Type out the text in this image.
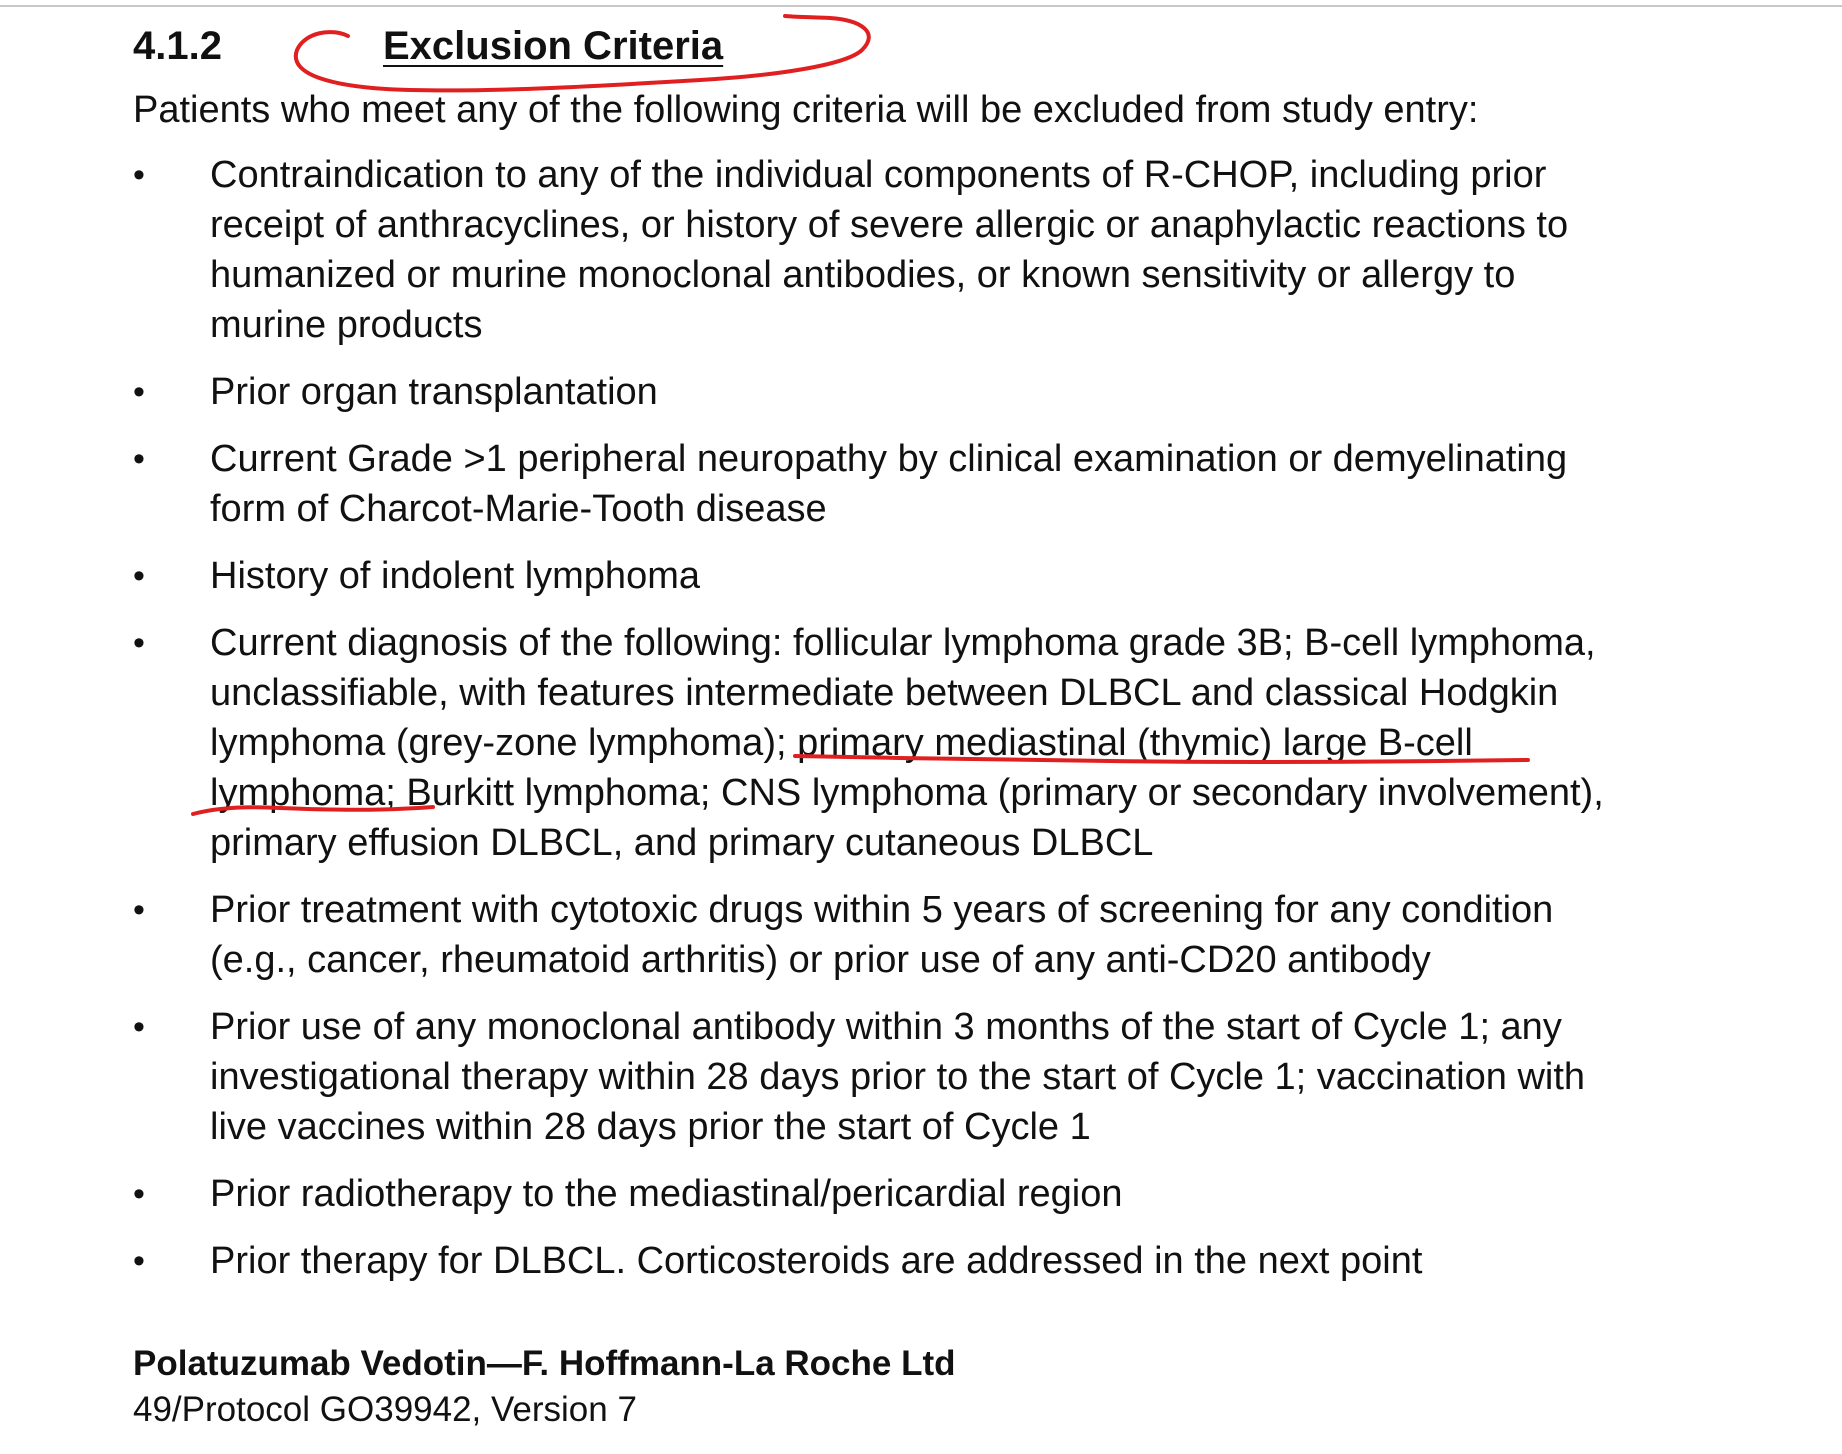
4.1.2	Exclusion Criteria
Patients who meet any of the following criteria will be excluded from study entry:
•	Contraindication to any of the individual components of R-CHOP, including prior
receipt of anthracyclines, or history of severe allergic or anaphylactic reactions to
humanized or murine monoclonal antibodies, or known sensitivity or allergy to
murine products
•	Prior organ transplantation
•	Current Grade >1 peripheral neuropathy by clinical examination or demyelinating
form of Charcot-Marie-Tooth disease
•	History of indolent lymphoma
•	Current diagnosis of the following: follicular lymphoma grade 3B; B-cell lymphoma,
unclassifiable, with features intermediate between DLBCL and classical Hodgkin
lymphoma (grey-zone lymphoma); primary mediastinal (thymic) large B-cell
lymphoma; Burkitt lymphoma; CNS lymphoma (primary or secondary involvement),
primary effusion DLBCL, and primary cutaneous DLBCL
•	Prior treatment with cytotoxic drugs within 5 years of screening for any condition
(e.g., cancer, rheumatoid arthritis) or prior use of any anti-CD20 antibody
•	Prior use of any monoclonal antibody within 3 months of the start of Cycle 1; any
investigational therapy within 28 days prior to the start of Cycle 1; vaccination with
live vaccines within 28 days prior the start of Cycle 1
•	Prior radiotherapy to the mediastinal/pericardial region
•	Prior therapy for DLBCL. Corticosteroids are addressed in the next point
Polatuzumab Vedotin—F. Hoffmann-La Roche Ltd
49/Protocol GO39942, Version 7
